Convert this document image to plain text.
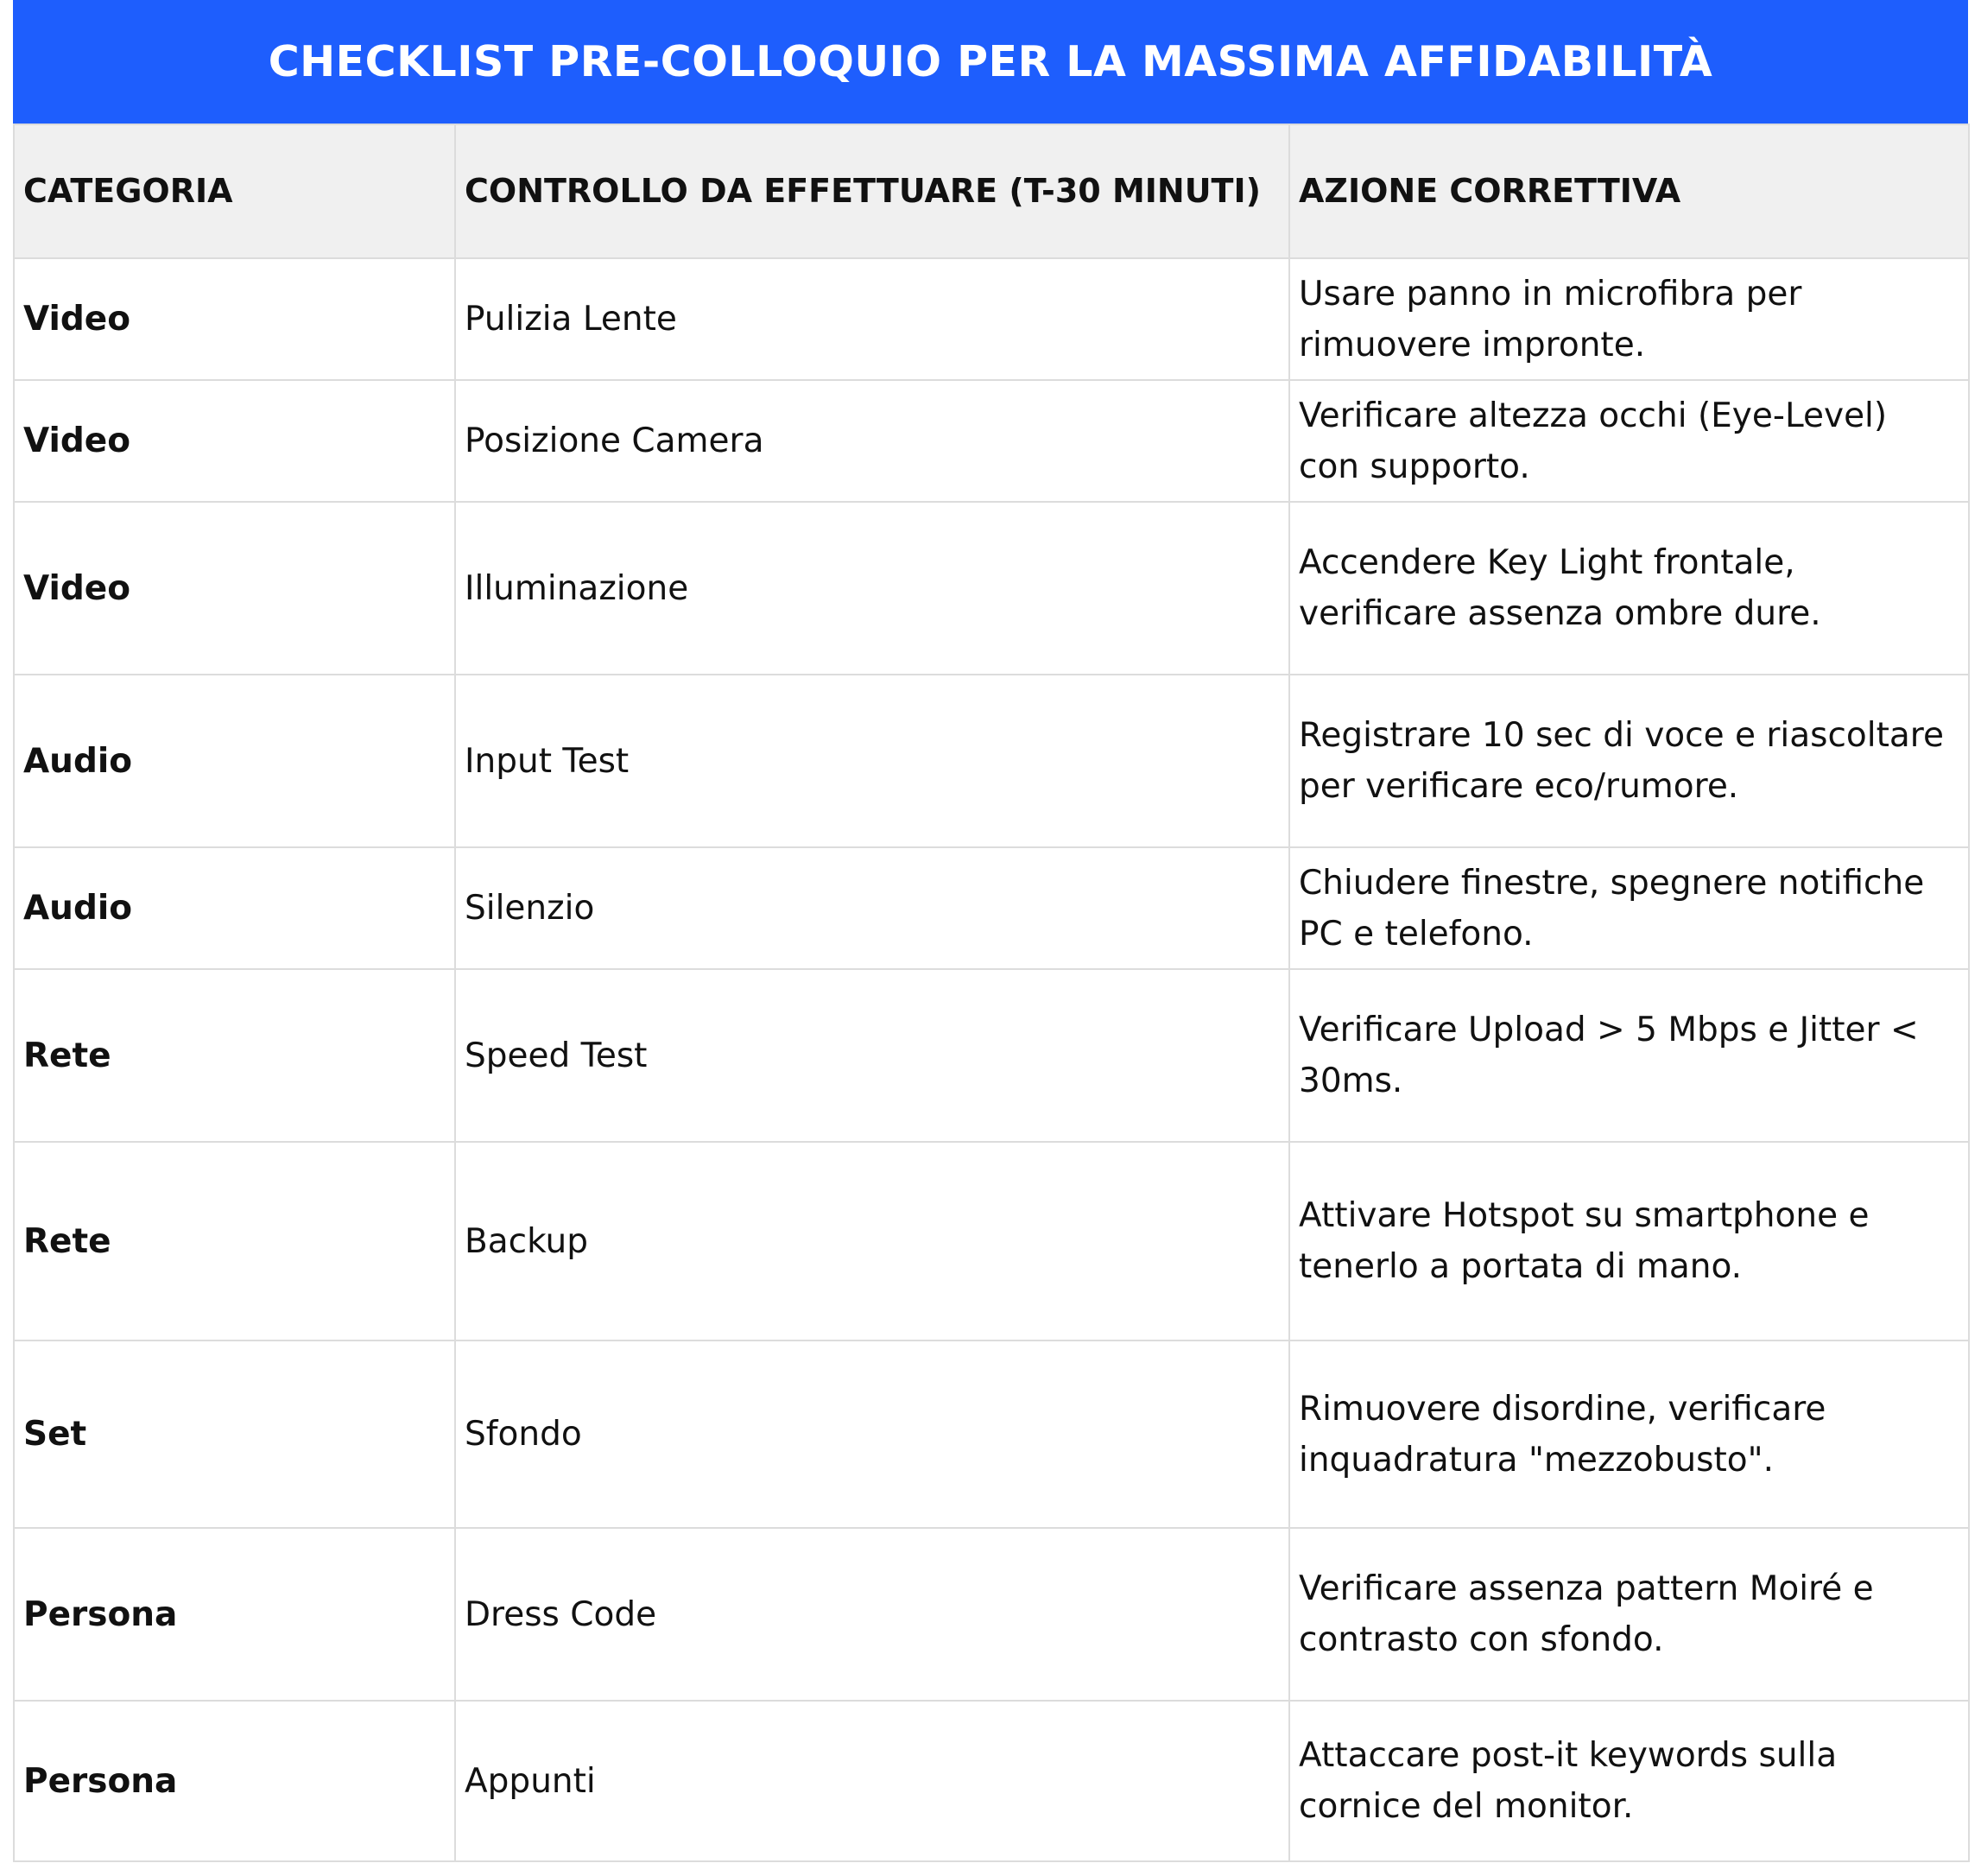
CHECKLIST PRE-COLLOQUIO PER LA MASSIMA AFFIDABILITÀ
CATEGORIA	CONTROLLO DA EFFETTUARE (T-30 MINUTI)	AZIONE CORRETTIVA
Video	Pulizia Lente	Usare panno in microfibra per rimuovere impronte.
Video	Posizione Camera	Verificare altezza occhi (Eye-Level) con supporto.
Video	Illuminazione	Accendere Key Light frontale, verificare assenza ombre dure.
Audio	Input Test	Registrare 10 sec di voce e riascoltare per verificare eco/rumore.
Audio	Silenzio	Chiudere finestre, spegnere notifiche PC e telefono.
Rete	Speed Test	Verificare Upload > 5 Mbps e Jitter < 30ms.
Rete	Backup	Attivare Hotspot su smartphone e tenerlo a portata di mano.
Set	Sfondo	Rimuovere disordine, verificare inquadratura "mezzobusto".
Persona	Dress Code	Verificare assenza pattern Moiré e contrasto con sfondo.
Persona	Appunti	Attaccare post-it keywords sulla cornice del monitor.
